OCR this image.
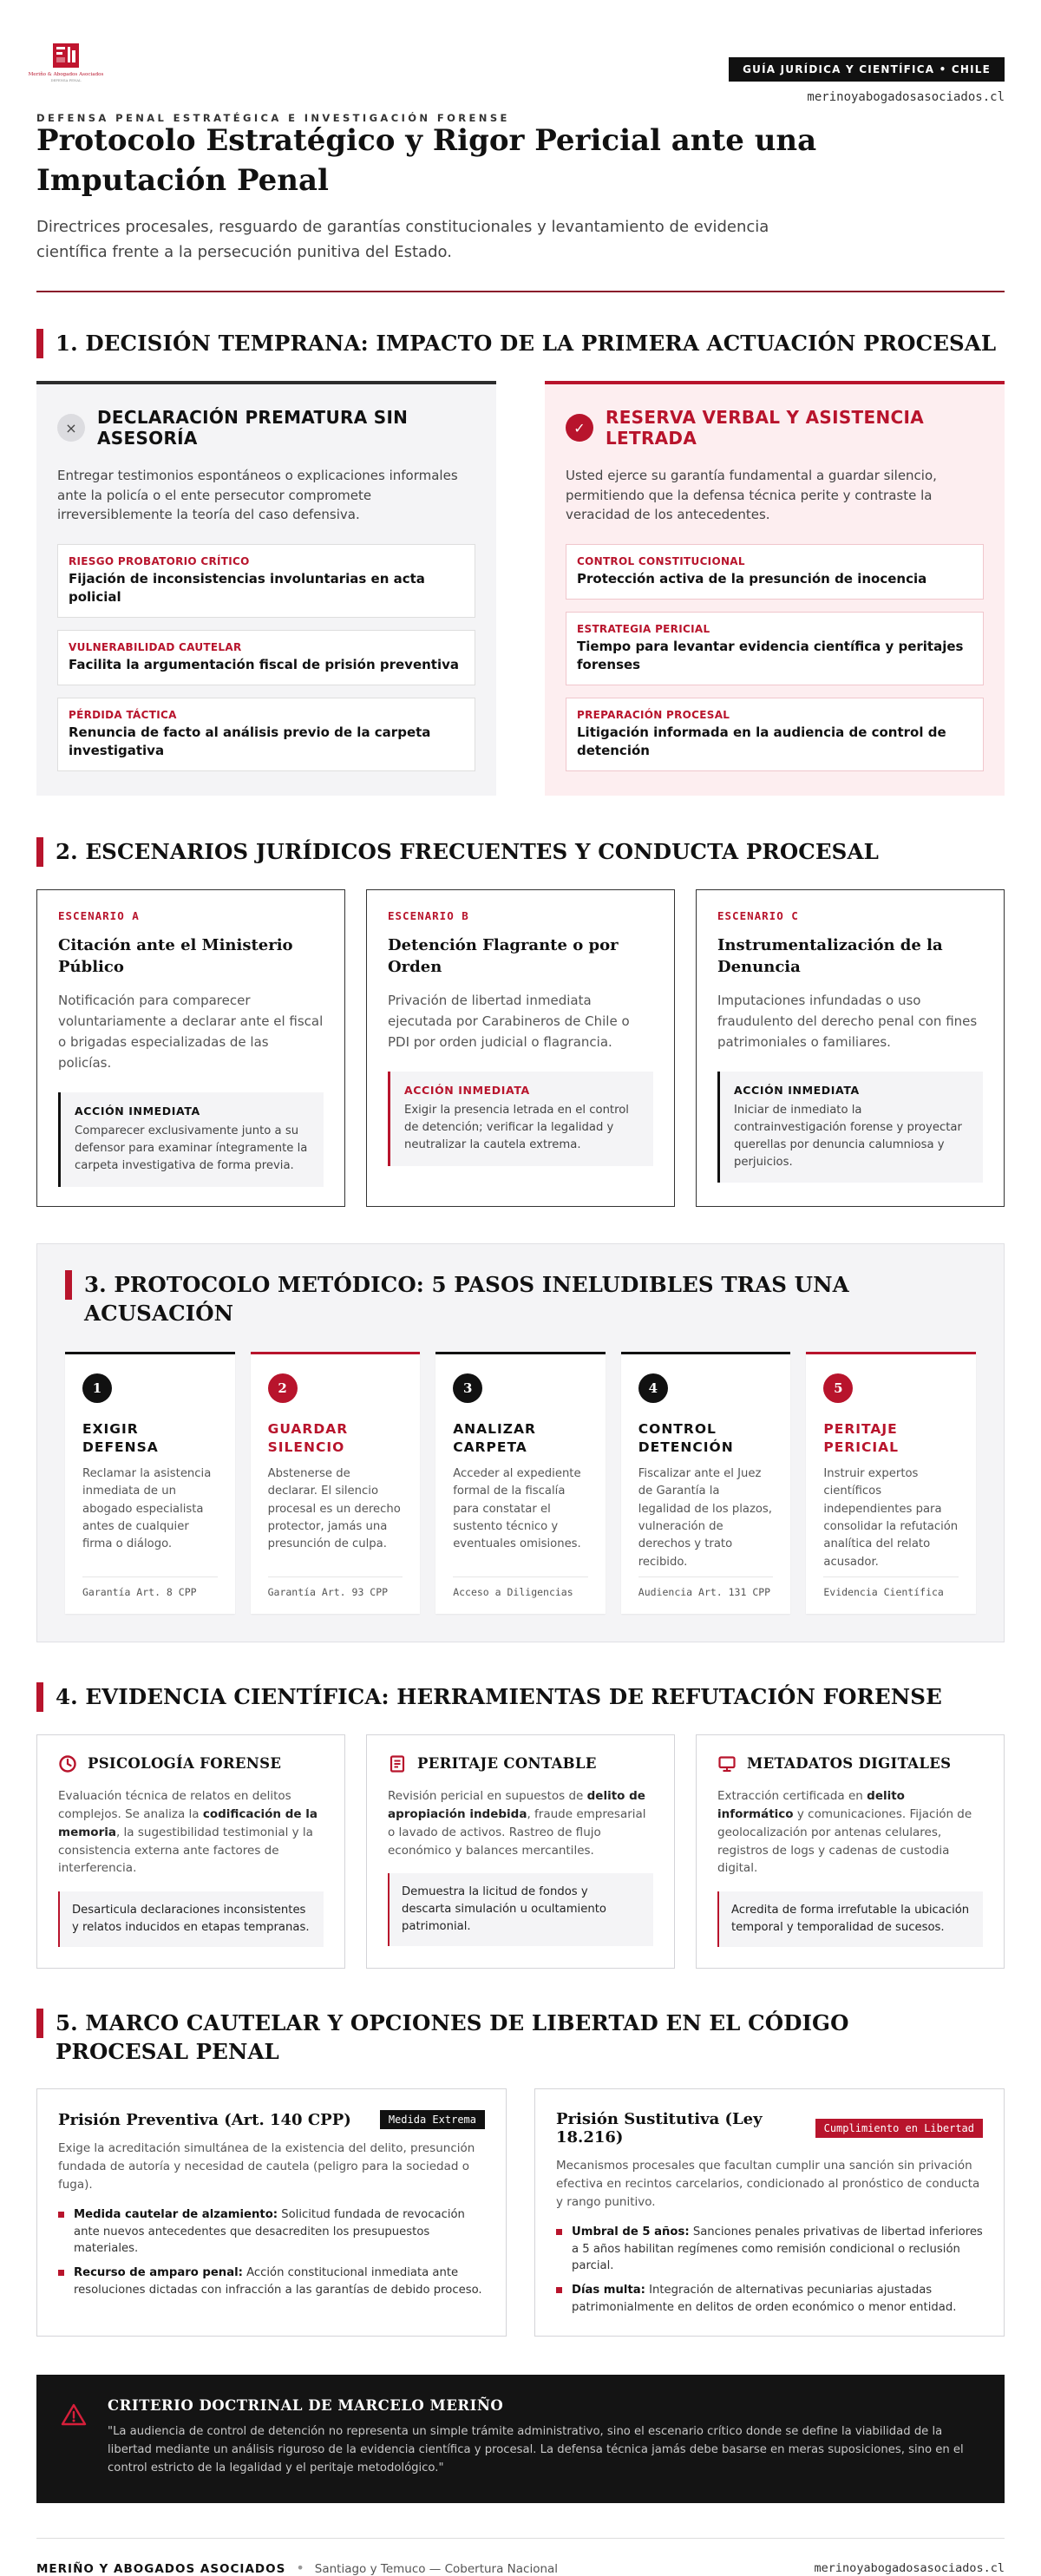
Meriño & Abogados Asociados
DEFENSA PENAL
DEFENSA PENAL ESTRATÉGICA E INVESTIGACIÓN FORENSE
GUÍA JURÍDICA Y CIENTÍFICA • CHILE
merinoyabogadosasociados.cl
Protocolo Estratégico y Rigor Pericial ante una Imputación Penal

Directrices procesales, resguardo de garantías constitucionales y levantamiento de evidencia científica frente a la persecución punitiva del Estado.

1. DECISIÓN TEMPRANA: IMPACTO DE LA PRIMERA ACTUACIÓN PROCESAL
×	DECLARACIÓN PREMATURA SIN ASESORÍA

Entregar testimonios espontáneos o explicaciones informales ante la policía o el ente persecutor compromete irreversiblemente la teoría del caso defensiva.

RIESGO PROBATORIO CRÍTICO
Fijación de inconsistencias involuntarias en acta policial
VULNERABILIDAD CAUTELAR
Facilita la argumentación fiscal de prisión preventiva
PÉRDIDA TÁCTICA
Renuncia de facto al análisis previo de la carpeta investigativa
✓	RESERVA VERBAL Y ASISTENCIA LETRADA

Usted ejerce su garantía fundamental a guardar silencio, permitiendo que la defensa técnica perite y contraste la veracidad de los antecedentes.

CONTROL CONSTITUCIONAL
Protección activa de la presunción de inocencia
ESTRATEGIA PERICIAL
Tiempo para levantar evidencia científica y peritajes forenses
PREPARACIÓN PROCESAL
Litigación informada en la audiencia de control de detención
2. ESCENARIOS JURÍDICOS FRECUENTES Y CONDUCTA PROCESAL
ESCENARIO A
Citación ante el Ministerio Público

Notificación para comparecer voluntariamente a declarar ante el fiscal o brigadas especializadas de las policías.

ACCIÓN INMEDIATA
Comparecer exclusivamente junto a su defensor para examinar íntegramente la carpeta investigativa de forma previa.
ESCENARIO B
Detención Flagrante o por Orden

Privación de libertad inmediata ejecutada por Carabineros de Chile o PDI por orden judicial o flagrancia.

ACCIÓN INMEDIATA
Exigir la presencia letrada en el control de detención; verificar la legalidad y neutralizar la cautela extrema.
ESCENARIO C
Instrumentalización de la Denuncia

Imputaciones infundadas o uso fraudulento del derecho penal con fines patrimoniales o familiares.

ACCIÓN INMEDIATA
Iniciar de inmediato la contrainvestigación forense y proyectar querellas por denuncia calumniosa y perjuicios.
3. PROTOCOLO METÓDICO: 5 PASOS INELUDIBLES TRAS UNA ACUSACIÓN
1
EXIGIR DEFENSA

Reclamar la asistencia inmediata de un abogado especialista antes de cualquier firma o diálogo.

Garantía Art. 8 CPP
2
GUARDAR SILENCIO

Abstenerse de declarar. El silencio procesal es un derecho protector, jamás una presunción de culpa.

Garantía Art. 93 CPP
3
ANALIZAR CARPETA

Acceder al expediente formal de la fiscalía para constatar el sustento técnico y eventuales omisiones.

Acceso a Diligencias
4
CONTROL DETENCIÓN

Fiscalizar ante el Juez de Garantía la legalidad de los plazos, vulneración de derechos y trato recibido.

Audiencia Art. 131 CPP
5
PERITAJE PERICIAL

Instruir expertos científicos independientes para consolidar la refutación analítica del relato acusador.

Evidencia Científica
4. EVIDENCIA CIENTÍFICA: HERRAMIENTAS DE REFUTACIÓN FORENSE
PSICOLOGÍA FORENSE

Evaluación técnica de relatos en delitos complejos. Se analiza la codificación de la memoria, la sugestibilidad testimonial y la consistencia externa ante factores de interferencia.

Desarticula declaraciones inconsistentes y relatos inducidos en etapas tempranas.
PERITAJE CONTABLE

Revisión pericial en supuestos de delito de apropiación indebida, fraude empresarial o lavado de activos. Rastreo de flujo económico y balances mercantiles.

Demuestra la licitud de fondos y descarta simulación u ocultamiento patrimonial.
METADATOS DIGITALES

Extracción certificada en delito informático y comunicaciones. Fijación de geolocalización por antenas celulares, registros de logs y cadenas de custodia digital.

Acredita de forma irrefutable la ubicación temporal y temporalidad de sucesos.
5. MARCO CAUTELAR Y OPCIONES DE LIBERTAD EN EL CÓDIGO PROCESAL PENAL
Prisión Preventiva (Art. 140 CPP)	Medida Extrema

Exige la acreditación simultánea de la existencia del delito, presunción fundada de autoría y necesidad de cautela (peligro para la sociedad o fuga).

Medida cautelar de alzamiento: Solicitud fundada de revocación ante nuevos antecedentes que desacrediten los presupuestos materiales.
Recurso de amparo penal: Acción constitucional inmediata ante resoluciones dictadas con infracción a las garantías de debido proceso.
Prisión Sustitutiva (Ley 18.216)	Cumplimiento en Libertad

Mecanismos procesales que facultan cumplir una sanción sin privación efectiva en recintos carcelarios, condicionado al pronóstico de conducta y rango punitivo.

Umbral de 5 años: Sanciones penales privativas de libertad inferiores a 5 años habilitan regímenes como remisión condicional o reclusión parcial.
Días multa: Integración de alternativas pecuniarias ajustadas patrimonialmente en delitos de orden económico o menor entidad.
CRITERIO DOCTRINAL DE MARCELO MERIÑO

"La audiencia de control de detención no representa un simple trámite administrativo, sino el escenario crítico donde se define la viabilidad de la libertad mediante un análisis riguroso de la evidencia científica y procesal. La defensa técnica jamás debe basarse en meras suposiciones, sino en el control estricto de la legalidad y el peritaje metodológico."

MERIÑO Y ABOGADOS ASOCIADOS • Santiago y Temuco — Cobertura Nacional	merinoyabogadosasociados.cl
